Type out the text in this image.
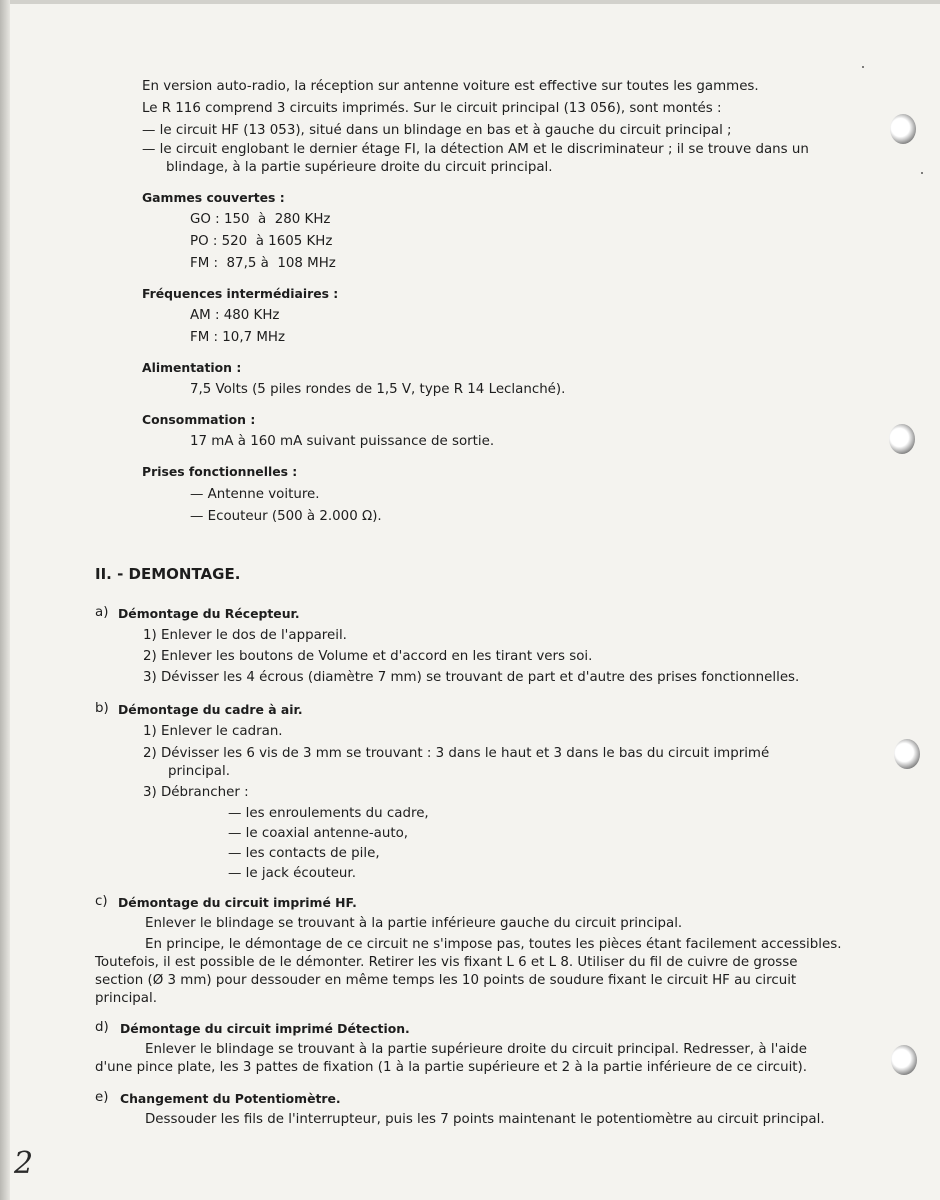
En version auto-radio, la réception sur antenne voiture est effective sur toutes les gammes.
Le R 116 comprend 3 circuits imprimés. Sur le circuit principal (13 056), sont montés :
— le circuit HF (13 053), situé dans un blindage en bas et à gauche du circuit principal ;
— le circuit englobant le dernier étage FI, la détection AM et le discriminateur ; il se trouve dans un
blindage, à la partie supérieure droite du circuit principal.
Gammes couvertes :
GO : 150  à  280 KHz
PO : 520  à 1605 KHz
FM :  87,5 à  108 MHz
Fréquences intermédiaires :
AM : 480 KHz
FM : 10,7 MHz
Alimentation :
7,5 Volts (5 piles rondes de 1,5 V, type R 14 Leclanché).
Consommation :
17 mA à 160 mA suivant puissance de sortie.
Prises fonctionnelles :
— Antenne voiture.
— Ecouteur (500 à 2.000 Ω).
II. - DEMONTAGE.
a) Démontage du Récepteur.
1) Enlever le dos de l'appareil.
2) Enlever les boutons de Volume et d'accord en les tirant vers soi.
3) Dévisser les 4 écrous (diamètre 7 mm) se trouvant de part et d'autre des prises fonctionnelles.
b) Démontage du cadre à air.
1) Enlever le cadran.
2) Dévisser les 6 vis de 3 mm se trouvant : 3 dans le haut et 3 dans le bas du circuit imprimé
principal.
3) Débrancher :
— les enroulements du cadre,
— le coaxial antenne-auto,
— les contacts de pile,
— le jack écouteur.
c) Démontage du circuit imprimé HF.
Enlever le blindage se trouvant à la partie inférieure gauche du circuit principal.
En principe, le démontage de ce circuit ne s'impose pas, toutes les pièces étant facilement accessibles.
Toutefois, il est possible de le démonter. Retirer les vis fixant L 6 et L 8. Utiliser du fil de cuivre de grosse
section (Ø 3 mm) pour dessouder en même temps les 10 points de soudure fixant le circuit HF au circuit
principal.
d) Démontage du circuit imprimé Détection.
Enlever le blindage se trouvant à la partie supérieure droite du circuit principal. Redresser, à l'aide
d'une pince plate, les 3 pattes de fixation (1 à la partie supérieure et 2 à la partie inférieure de ce circuit).
e) Changement du Potentiomètre.
Dessouder les fils de l'interrupteur, puis les 7 points maintenant le potentiomètre au circuit principal.
2
